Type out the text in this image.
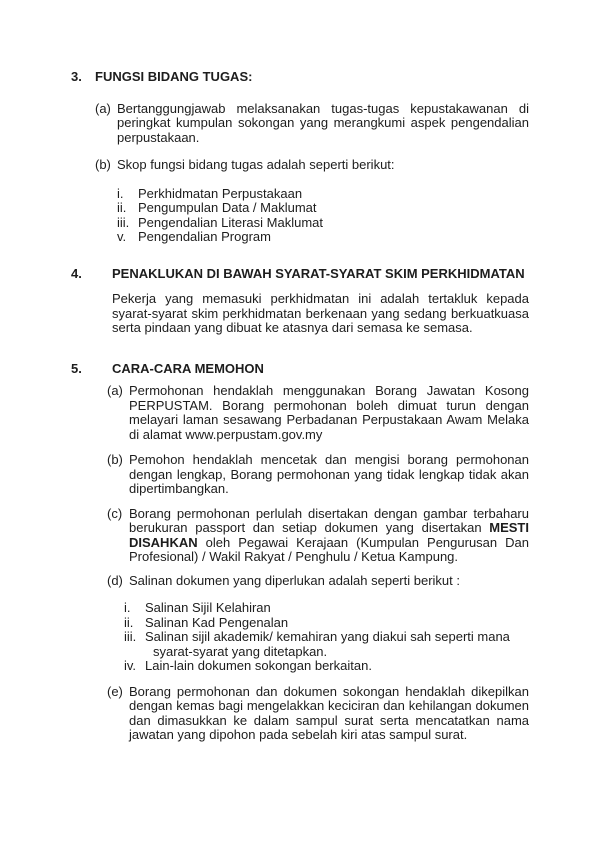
3.	FUNGSI BIDANG TUGAS:
(a) Bertanggungjawab melaksanakan tugas-tugas kepustakawanan di peringkat kumpulan sokongan yang merangkumi aspek pengendalian perpustakaan.

(b) Skop fungsi bidang tugas adalah seperti berikut:

i.	Perkhidmatan Perpustakaan

ii. Pengumpulan Data / Maklumat

iii. Pengendalian Literasi Maklumat

v. Pengendalian Program

4.	PENAKLUKAN DI BAWAH SYARAT-SYARAT SKIM PERKHIDMATAN

Pekerja yang memasuki perkhidmatan ini adalah tertakluk kepada syarat-syarat skim perkhidmatan berkenaan yang sedang berkuatkuasa serta pindaan yang dibuat ke atasnya dari semasa ke semasa.

5.	CARA-CARA MEMOHON
(a) Permohonan hendaklah menggunakan Borang Jawatan Kosong PERPUSTAM. Borang permohonan boleh dimuat turun dengan melayari laman sesawang Perbadanan Perpustakaan Awam Melaka di alamat www.perpustam.gov.my

(b) Pemohon hendaklah mencetak dan mengisi borang permohonan dengan lengkap, Borang permohonan yang tidak lengkap tidak akan dipertimbangkan.

(c) Borang permohonan perlulah disertakan dengan gambar terbaharu berukuran passport dan setiap dokumen yang disertakan MESTI DISAHKAN oleh Pegawai Kerajaan (Kumpulan Pengurusan Dan Profesional) / Wakil Rakyat / Penghulu / Ketua Kampung.

(d) Salinan dokumen yang diperlukan adalah seperti berikut :

i.	Salinan Sijil Kelahiran

ii. Salinan Kad Pengenalan

iii. Salinan sijil akademik/ kemahiran yang diakui sah seperti mana syarat-syarat yang ditetapkan.

iv. Lain-lain dokumen sokongan berkaitan.

(e) Borang permohonan dan dokumen sokongan hendaklah dikepilkan dengan kemas bagi mengelakkan keciciran dan kehilangan dokumen dan dimasukkan ke dalam sampul surat serta mencatatkan nama jawatan yang dipohon pada sebelah kiri atas sampul surat.
